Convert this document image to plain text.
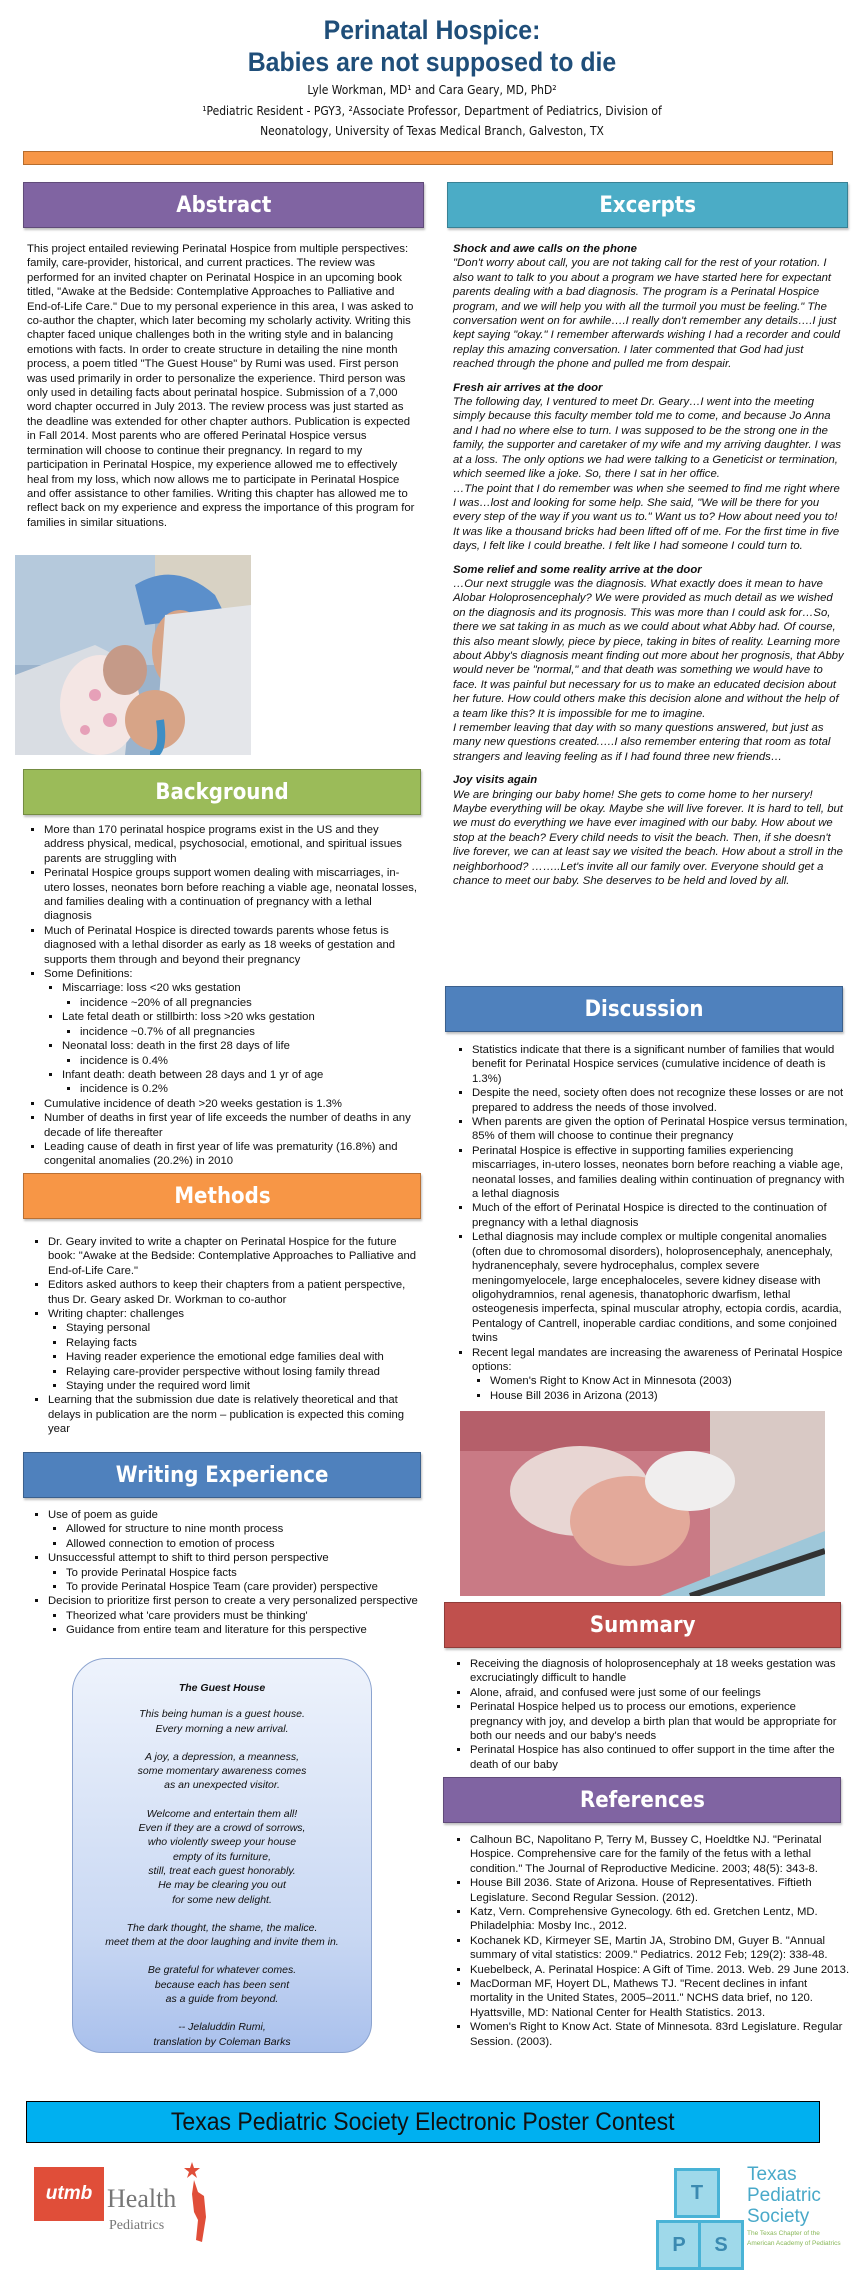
Perinatal Hospice:
Babies are not supposed to die
Lyle Workman, MD¹ and Cara Geary, MD, PhD²
¹Pediatric Resident - PGY3, ²Associate Professor, Department of Pediatrics, Division of
Neonatology, University of Texas Medical Branch, Galveston, TX
Abstract
This project entailed reviewing Perinatal Hospice from multiple perspectives: family, care-provider, historical, and current practices. The review was performed for an invited chapter on Perinatal Hospice in an upcoming book titled, "Awake at the Bedside: Contemplative Approaches to Palliative and End-of-Life Care." Due to my personal experience in this area, I was asked to co-author the chapter, which later becoming my scholarly activity. Writing this chapter faced unique challenges both in the writing style and in balancing emotions with facts. In order to create structure in detailing the nine month process, a poem titled "The Guest House" by Rumi was used. First person was used primarily in order to personalize the experience. Third person was only used in detailing facts about perinatal hospice. Submission of a 7,000 word chapter occurred in July 2013. The review process was just started as the deadline was extended for other chapter authors. Publication is expected in Fall 2014. Most parents who are offered Perinatal Hospice versus termination will choose to continue their pregnancy. In regard to my participation in Perinatal Hospice, my experience allowed me to effectively heal from my loss, which now allows me to participate in Perinatal Hospice and offer assistance to other families. Writing this chapter has allowed me to reflect back on my experience and express the importance of this program for families in similar situations.
Background
▪ More than 170 perinatal hospice programs exist in the US and they address physical, medical, psychosocial, emotional, and spiritual issues parents are struggling with
▪ Perinatal Hospice groups support women dealing with miscarriages, in-utero losses, neonates born before reaching a viable age, neonatal losses, and families dealing with a continuation of pregnancy with a lethal diagnosis
▪ Much of Perinatal Hospice is directed towards parents whose fetus is diagnosed with a lethal disorder as early as 18 weeks of gestation and supports them through and beyond their pregnancy
▪ Some Definitions:
▪ Miscarriage: loss <20 wks gestation
▪ incidence ~20% of all pregnancies
▪ Late fetal death or stillbirth: loss >20 wks gestation
▪ incidence ~0.7% of all pregnancies
▪ Neonatal loss: death in the first 28 days of life
▪ incidence is 0.4%
▪ Infant death: death between 28 days and 1 yr of age
▪ incidence is 0.2%
▪ Cumulative incidence of death >20 weeks gestation is 1.3%
▪ Number of deaths in first year of life exceeds the number of deaths in any decade of life thereafter
▪ Leading cause of death in first year of life was prematurity (16.8%) and congenital anomalies (20.2%) in 2010
Methods
▪ Dr. Geary invited to write a chapter on Perinatal Hospice for the future book: "Awake at the Bedside: Contemplative Approaches to Palliative and End-of-Life Care."
▪ Editors asked authors to keep their chapters from a patient perspective, thus Dr. Geary asked Dr. Workman to co-author
▪ Writing chapter: challenges
▪ Staying personal
▪ Relaying facts
▪ Having reader experience the emotional edge families deal with
▪ Relaying care-provider perspective without losing family thread
▪ Staying under the required word limit
▪ Learning that the submission due date is relatively theoretical and that delays in publication are the norm – publication is expected this coming year
Writing Experience
▪ Use of poem as guide
▪ Allowed for structure to nine month process
▪ Allowed connection to emotion of process
▪ Unsuccessful attempt to shift to third person perspective
▪ To provide Perinatal Hospice facts
▪ To provide Perinatal Hospice Team (care provider) perspective
▪ Decision to prioritize first person to create a very personalized perspective
▪ Theorized what 'care providers must be thinking'
▪ Guidance from entire team and literature for this perspective
The Guest House
This being human is a guest house.
Every morning a new arrival.
A joy, a depression, a meanness,
some momentary awareness comes
as an unexpected visitor.
Welcome and entertain them all!
Even if they are a crowd of sorrows,
who violently sweep your house
empty of its furniture,
still, treat each guest honorably.
He may be clearing you out
for some new delight.
The dark thought, the shame, the malice.
meet them at the door laughing and invite them in.
Be grateful for whatever comes.
because each has been sent
as a guide from beyond.
-- Jelaluddin Rumi,
translation by Coleman Barks
Excerpts
Shock and awe calls on the phone

"Don't worry about call, you are not taking call for the rest of your rotation. I also want to talk to you about a program we have started here for expectant parents dealing with a bad diagnosis. The program is a Perinatal Hospice program, and we will help you with all the turmoil you must be feeling." The conversation went on for awhile….I really don't remember any details….I just kept saying "okay." I remember afterwards wishing I had a recorder and could replay this amazing conversation. I later commented that God had just reached through the phone and pulled me from despair.

Fresh air arrives at the door

The following day, I ventured to meet Dr. Geary…I went into the meeting simply because this faculty member told me to come, and because Jo Anna and I had no where else to turn. I was supposed to be the strong one in the family, the supporter and caretaker of my wife and my arriving daughter. I was at a loss. The only options we had were talking to a Geneticist or termination, which seemed like a joke. So, there I sat in her office.

…The point that I do remember was when she seemed to find me right where I was…lost and looking for some help. She said, "We will be there for you every step of the way if you want us to." Want us to? How about need you to! It was like a thousand bricks had been lifted off of me. For the first time in five days, I felt like I could breathe. I felt like I had someone I could turn to.

Some relief and some reality arrive at the door

…Our next struggle was the diagnosis. What exactly does it mean to have Alobar Holoprosencephaly? We were provided as much detail as we wished on the diagnosis and its prognosis. This was more than I could ask for…So, there we sat taking in as much as we could about what Abby had. Of course, this also meant slowly, piece by piece, taking in bites of reality. Learning more about Abby's diagnosis meant finding out more about her prognosis, that Abby would never be "normal," and that death was something we would have to face. It was painful but necessary for us to make an educated decision about her future. How could others make this decision alone and without the help of a team like this? It is impossible for me to imagine.

I remember leaving that day with so many questions answered, but just as many new questions created.….I also remember entering that room as total strangers and leaving feeling as if I had found three new friends…

Joy visits again

We are bringing our baby home! She gets to come home to her nursery! Maybe everything will be okay. Maybe she will live forever. It is hard to tell, but we must do everything we have ever imagined with our baby. How about we stop at the beach? Every child needs to visit the beach. Then, if she doesn't live forever, we can at least say we visited the beach. How about a stroll in the neighborhood? ……..Let's invite all our family over. Everyone should get a chance to meet our baby. She deserves to be held and loved by all.

Discussion
▪ Statistics indicate that there is a significant number of families that would benefit for Perinatal Hospice services (cumulative incidence of death is 1.3%)
▪ Despite the need, society often does not recognize these losses or are not prepared to address the needs of those involved.
▪ When parents are given the option of Perinatal Hospice versus termination, 85% of them will choose to continue their pregnancy
▪ Perinatal Hospice is effective in supporting families experiencing miscarriages, in-utero losses, neonates born before reaching a viable age, neonatal losses, and families dealing within continuation of pregnancy with a lethal diagnosis
▪ Much of the effort of Perinatal Hospice is directed to the continuation of pregnancy with a lethal diagnosis
▪ Lethal diagnosis may include complex or multiple congenital anomalies (often due to chromosomal disorders), holoprosencephaly, anencephaly, hydranencephaly, severe hydrocephalus, complex severe meningomyelocele, large encephaloceles, severe kidney disease with oligohydramnios, renal agenesis, thanatophoric dwarfism, lethal osteogenesis imperfecta, spinal muscular atrophy, ectopia cordis, acardia, Pentalogy of Cantrell, inoperable cardiac conditions, and some conjoined twins
▪ Recent legal mandates are increasing the awareness of Perinatal Hospice options:
▪ Women's Right to Know Act in Minnesota (2003)
▪ House Bill 2036 in Arizona (2013)
Summary
▪ Receiving the diagnosis of holoprosencephaly at 18 weeks gestation was excruciatingly difficult to handle
▪ Alone, afraid, and confused were just some of our feelings
▪ Perinatal Hospice helped us to process our emotions, experience pregnancy with joy, and develop a birth plan that would be appropriate for both our needs and our baby's needs
▪ Perinatal Hospice has also continued to offer support in the time after the death of our baby
References
▪ Calhoun BC, Napolitano P, Terry M, Bussey C, Hoeldtke NJ. "Perinatal Hospice. Comprehensive care for the family of the fetus with a lethal condition." The Journal of Reproductive Medicine. 2003; 48(5): 343-8.
▪ House Bill 2036. State of Arizona. House of Representatives. Fiftieth Legislature. Second Regular Session. (2012).
▪ Katz, Vern. Comprehensive Gynecology. 6th ed. Gretchen Lentz, MD. Philadelphia: Mosby Inc., 2012.
▪ Kochanek KD, Kirmeyer SE, Martin JA, Strobino DM, Guyer B. "Annual summary of vital statistics: 2009." Pediatrics. 2012 Feb; 129(2): 338-48.
▪ Kuebelbeck, A. Perinatal Hospice: A Gift of Time. 2013. Web. 29 June 2013.
▪ MacDorman MF, Hoyert DL, Mathews TJ. "Recent declines in infant mortality in the United States, 2005–2011." NCHS data brief, no 120. Hyattsville, MD: National Center for Health Statistics. 2013.
▪ Women's Right to Know Act. State of Minnesota. 83rd Legislature. Regular Session. (2003).
Texas Pediatric Society Electronic Poster Contest
utmb Health
Pediatrics
T
P	S
Texas
Pediatric
Society
The Texas Chapter of the
American Academy of Pediatrics
